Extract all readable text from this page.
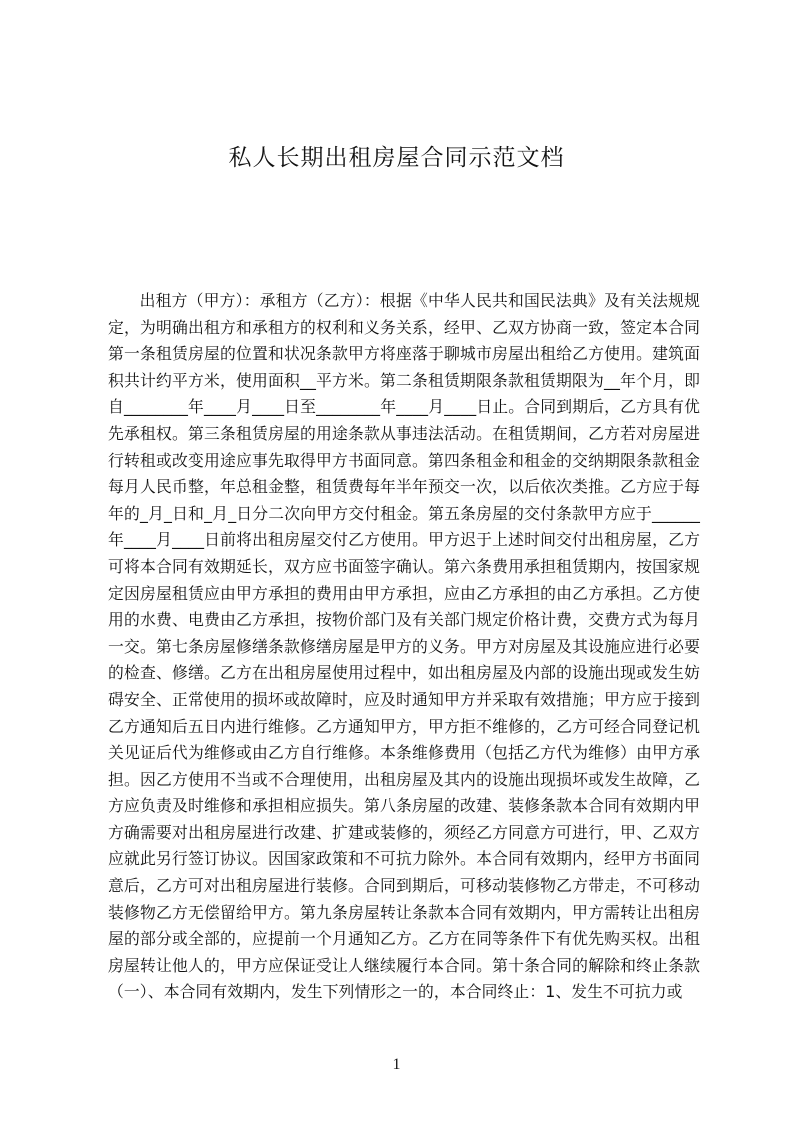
私人长期出租房屋合同示范文档

出租方（甲方）：承租方（乙方）：根据《中华人民共和国民法典》及有关法规规定，为明确出租方和承租方的权利和义务关系，经甲、乙双方协商一致，签定本合同第一条租赁房屋的位置和状况条款甲方将座落于聊城市房屋出租给乙方使用。建筑面积共计约平方米，使用面积__平方米。第二条租赁期限条款租赁期限为__年个月，即自________年____月____日至________年____月____日止。合同到期后，乙方具有优先承租权。第三条租赁房屋的用途条款从事违法活动。在租赁期间，乙方若对房屋进行转租或改变用途应事先取得甲方书面同意。第四条租金和租金的交纳期限条款租金每月人民币整，年总租金整，租赁费每年半年预交一次，以后依次类推。乙方应于每年的_月_日和_月_日分二次向甲方交付租金。第五条房屋的交付条款甲方应于______年____月____日前将出租房屋交付乙方使用。甲方迟于上述时间交付出租房屋，乙方可将本合同有效期延长，双方应书面签字确认。第六条费用承担租赁期内，按国家规定因房屋租赁应由甲方承担的费用由甲方承担，应由乙方承担的由乙方承担。乙方使用的水费、电费由乙方承担，按物价部门及有关部门规定价格计费，交费方式为每月一交。第七条房屋修缮条款修缮房屋是甲方的义务。甲方对房屋及其设施应进行必要的检查、修缮。乙方在出租房屋使用过程中，如出租房屋及内部的设施出现或发生妨碍安全、正常使用的损坏或故障时，应及时通知甲方并采取有效措施；甲方应于接到乙方通知后五日内进行维修。乙方通知甲方，甲方拒不维修的，乙方可经合同登记机关见证后代为维修或由乙方自行维修。本条维修费用（包括乙方代为维修）由甲方承担。因乙方使用不当或不合理使用，出租房屋及其内的设施出现损坏或发生故障，乙方应负责及时维修和承担相应损失。第八条房屋的改建、装修条款本合同有效期内甲方确需要对出租房屋进行改建、扩建或装修的，须经乙方同意方可进行，甲、乙双方应就此另行签订协议。因国家政策和不可抗力除外。本合同有效期内，经甲方书面同意后，乙方可对出租房屋进行装修。合同到期后，可移动装修物乙方带走，不可移动装修物乙方无偿留给甲方。第九条房屋转让条款本合同有效期内，甲方需转让出租房屋的部分或全部的，应提前一个月通知乙方。乙方在同等条件下有优先购买权。出租房屋转让他人的，甲方应保证受让人继续履行本合同。第十条合同的解除和终止条款（一）、本合同有效期内，发生下列情形之一的，本合同终止：1、发生不可抗力或

1
